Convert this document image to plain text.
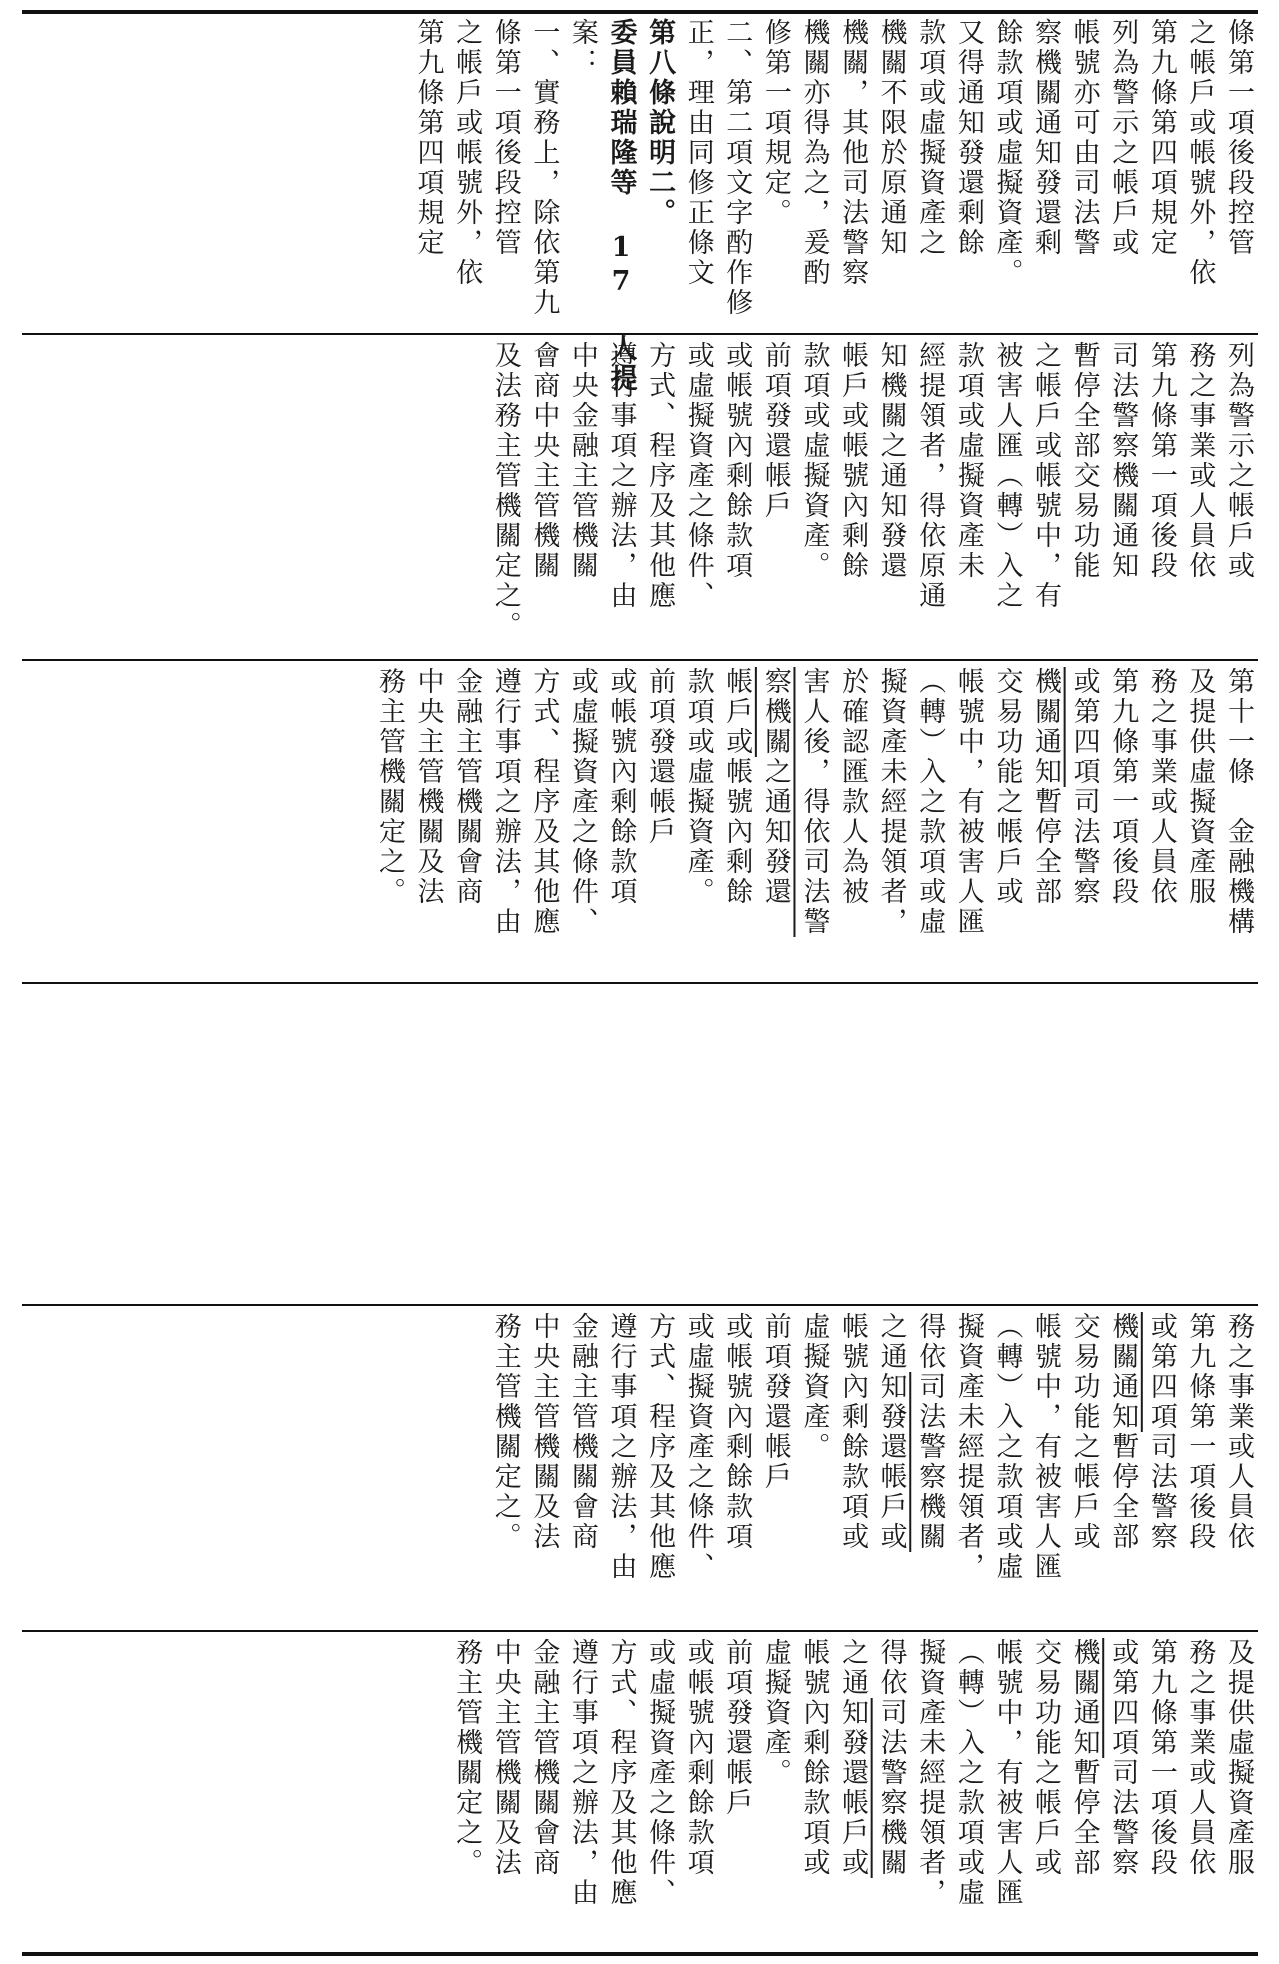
條第一項後段控管
之帳戶或帳號外，依
第九條第四項規定
列為警示之帳戶或
帳號亦可由司法警
察機關通知發還剩
餘款項或虛擬資產。
又得通知發還剩餘
款項或虛擬資產之
機關不限於原通知
機關，其他司法警察
機關亦得為之，爰酌
修第一項規定。
二、第二項文字酌作修
正，理由同修正條文
第八條說明二。
委員賴瑞隆等 17 人提
案：
一、實務上，除依第九
條第一項後段控管
之帳戶或帳號外，依
第九條第四項規定
列為警示之帳戶或
務之事業或人員依
第九條第一項後段
司法警察機關通知
暫停全部交易功能
之帳戶或帳號中，有
被害人匯（轉）入之
款項或虛擬資產未
經提領者，得依原通
知機關之通知發還
帳戶或帳號內剩餘
款項或虛擬資產。
前項發還帳戶
或帳號內剩餘款項
或虛擬資產之條件、
方式、程序及其他應
遵行事項之辦法，由
中央金融主管機關
會商中央主管機關
及法務主管機關定之。
第十一條　金融機構
及提供虛擬資產服
務之事業或人員依
第九條第一項後段
或第四項司法警察
機關通知暫停全部
交易功能之帳戶或
帳號中，有被害人匯
（轉）入之款項或虛
擬資產未經提領者，
於確認匯款人為被
害人後，得依司法警
察機關之通知發還
帳戶或帳號內剩餘
款項或虛擬資產。
前項發還帳戶
或帳號內剩餘款項
或虛擬資產之條件、
方式、程序及其他應
遵行事項之辦法，由
金融主管機關會商
中央主管機關及法
務主管機關定之。
務之事業或人員依
第九條第一項後段
或第四項司法警察
機關通知暫停全部
交易功能之帳戶或
帳號中，有被害人匯
（轉）入之款項或虛
擬資產未經提領者，
得依司法警察機關
之通知發還帳戶或
帳號內剩餘款項或
虛擬資產。
前項發還帳戶
或帳號內剩餘款項
或虛擬資產之條件、
方式、程序及其他應
遵行事項之辦法，由
金融主管機關會商
中央主管機關及法
務主管機關定之。
及提供虛擬資產服
務之事業或人員依
第九條第一項後段
或第四項司法警察
機關通知暫停全部
交易功能之帳戶或
帳號中，有被害人匯
（轉）入之款項或虛
擬資產未經提領者，
得依司法警察機關
之通知發還帳戶或
帳號內剩餘款項或
虛擬資產。
前項發還帳戶
或帳號內剩餘款項
或虛擬資產之條件、
方式、程序及其他應
遵行事項之辦法，由
金融主管機關會商
中央主管機關及法
務主管機關定之。
